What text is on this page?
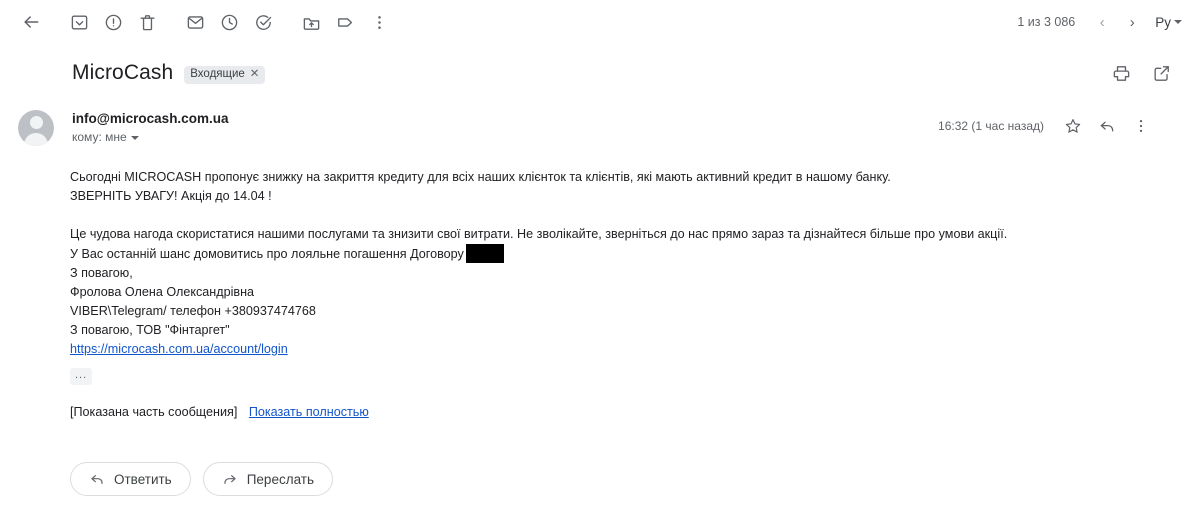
1 из 3 086	‹	›	Ру
MicroCash Входящие ✕
info@microcash.com.ua
кому: мне
16:32 (1 час назад)

Сьогодні MICROCASH пропонує знижку на закриття кредиту для всіх наших клієнток та клієнтів, які мають активний кредит в нашому банку.

ЗВЕРНІТЬ УВАГУ! Акція до 14.04 !

Це чудова нагода скористатися нашими послугами та знизити свої витрати. Не зволікайте, зверніться до нас прямо зараз та дізнайтеся більше про умови акції.

У Вас останній шанс домовитись про лояльне погашення Договору

З повагою,

Фролова Олена Олександрівна

VIBER\Telegram/ телефон +380937474768

З повагою, ТОВ "Фінтаргет"

https://microcash.com.ua/account/login

...
[Показана часть сообщения] Показать полностью
Ответить	Переслать
